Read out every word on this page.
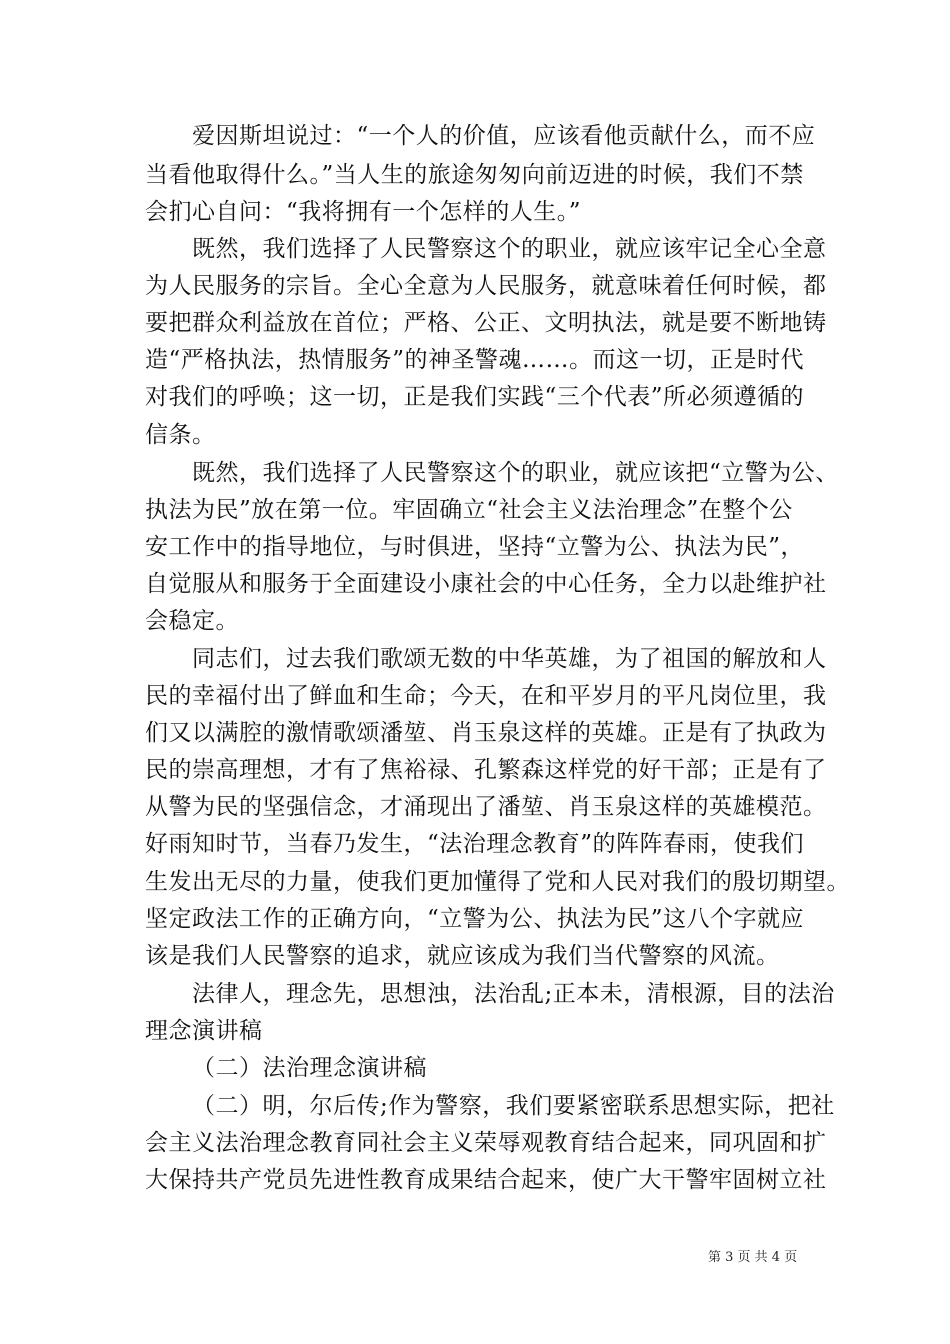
爱因斯坦说过：“一个人的价值，应该看他贡献什么，而不应
当看他取得什么。”当人生的旅途匆匆向前迈进的时候，我们不禁
会扪心自问：“我将拥有一个怎样的人生。”
既然，我们选择了人民警察这个的职业，就应该牢记全心全意
为人民服务的宗旨。全心全意为人民服务，就意味着任何时候，都
要把群众利益放在首位；严格、公正、文明执法，就是要不断地铸
造“严格执法，热情服务”的神圣警魂……。而这一切，正是时代
对我们的呼唤；这一切，正是我们实践“三个代表”所必须遵循的
信条。
既然，我们选择了人民警察这个的职业，就应该把“立警为公、
执法为民”放在第一位。牢固确立“社会主义法治理念”在整个公
安工作中的指导地位，与时俱进，坚持“立警为公、执法为民”，
自觉服从和服务于全面建设小康社会的中心任务，全力以赴维护社
会稳定。
同志们，过去我们歌颂无数的中华英雄，为了祖国的解放和人
民的幸福付出了鲜血和生命；今天，在和平岁月的平凡岗位里，我
们又以满腔的激情歌颂潘堃、肖玉泉这样的英雄。正是有了执政为
民的崇高理想，才有了焦裕禄、孔繁森这样党的好干部；正是有了
从警为民的坚强信念，才涌现出了潘堃、肖玉泉这样的英雄模范。
好雨知时节，当春乃发生，“法治理念教育”的阵阵春雨，使我们
生发出无尽的力量，使我们更加懂得了党和人民对我们的殷切期望。
坚定政法工作的正确方向，“立警为公、执法为民”这八个字就应
该是我们人民警察的追求，就应该成为我们当代警察的风流。
法律人，理念先，思想浊，法治乱;正本未，清根源，目的法治
理念演讲稿
（二）法治理念演讲稿
（二）明，尔后传;作为警察，我们要紧密联系思想实际，把社
会主义法治理念教育同社会主义荣辱观教育结合起来，同巩固和扩
大保持共产党员先进性教育成果结合起来，使广大干警牢固树立社
第 3 页 共 4 页
